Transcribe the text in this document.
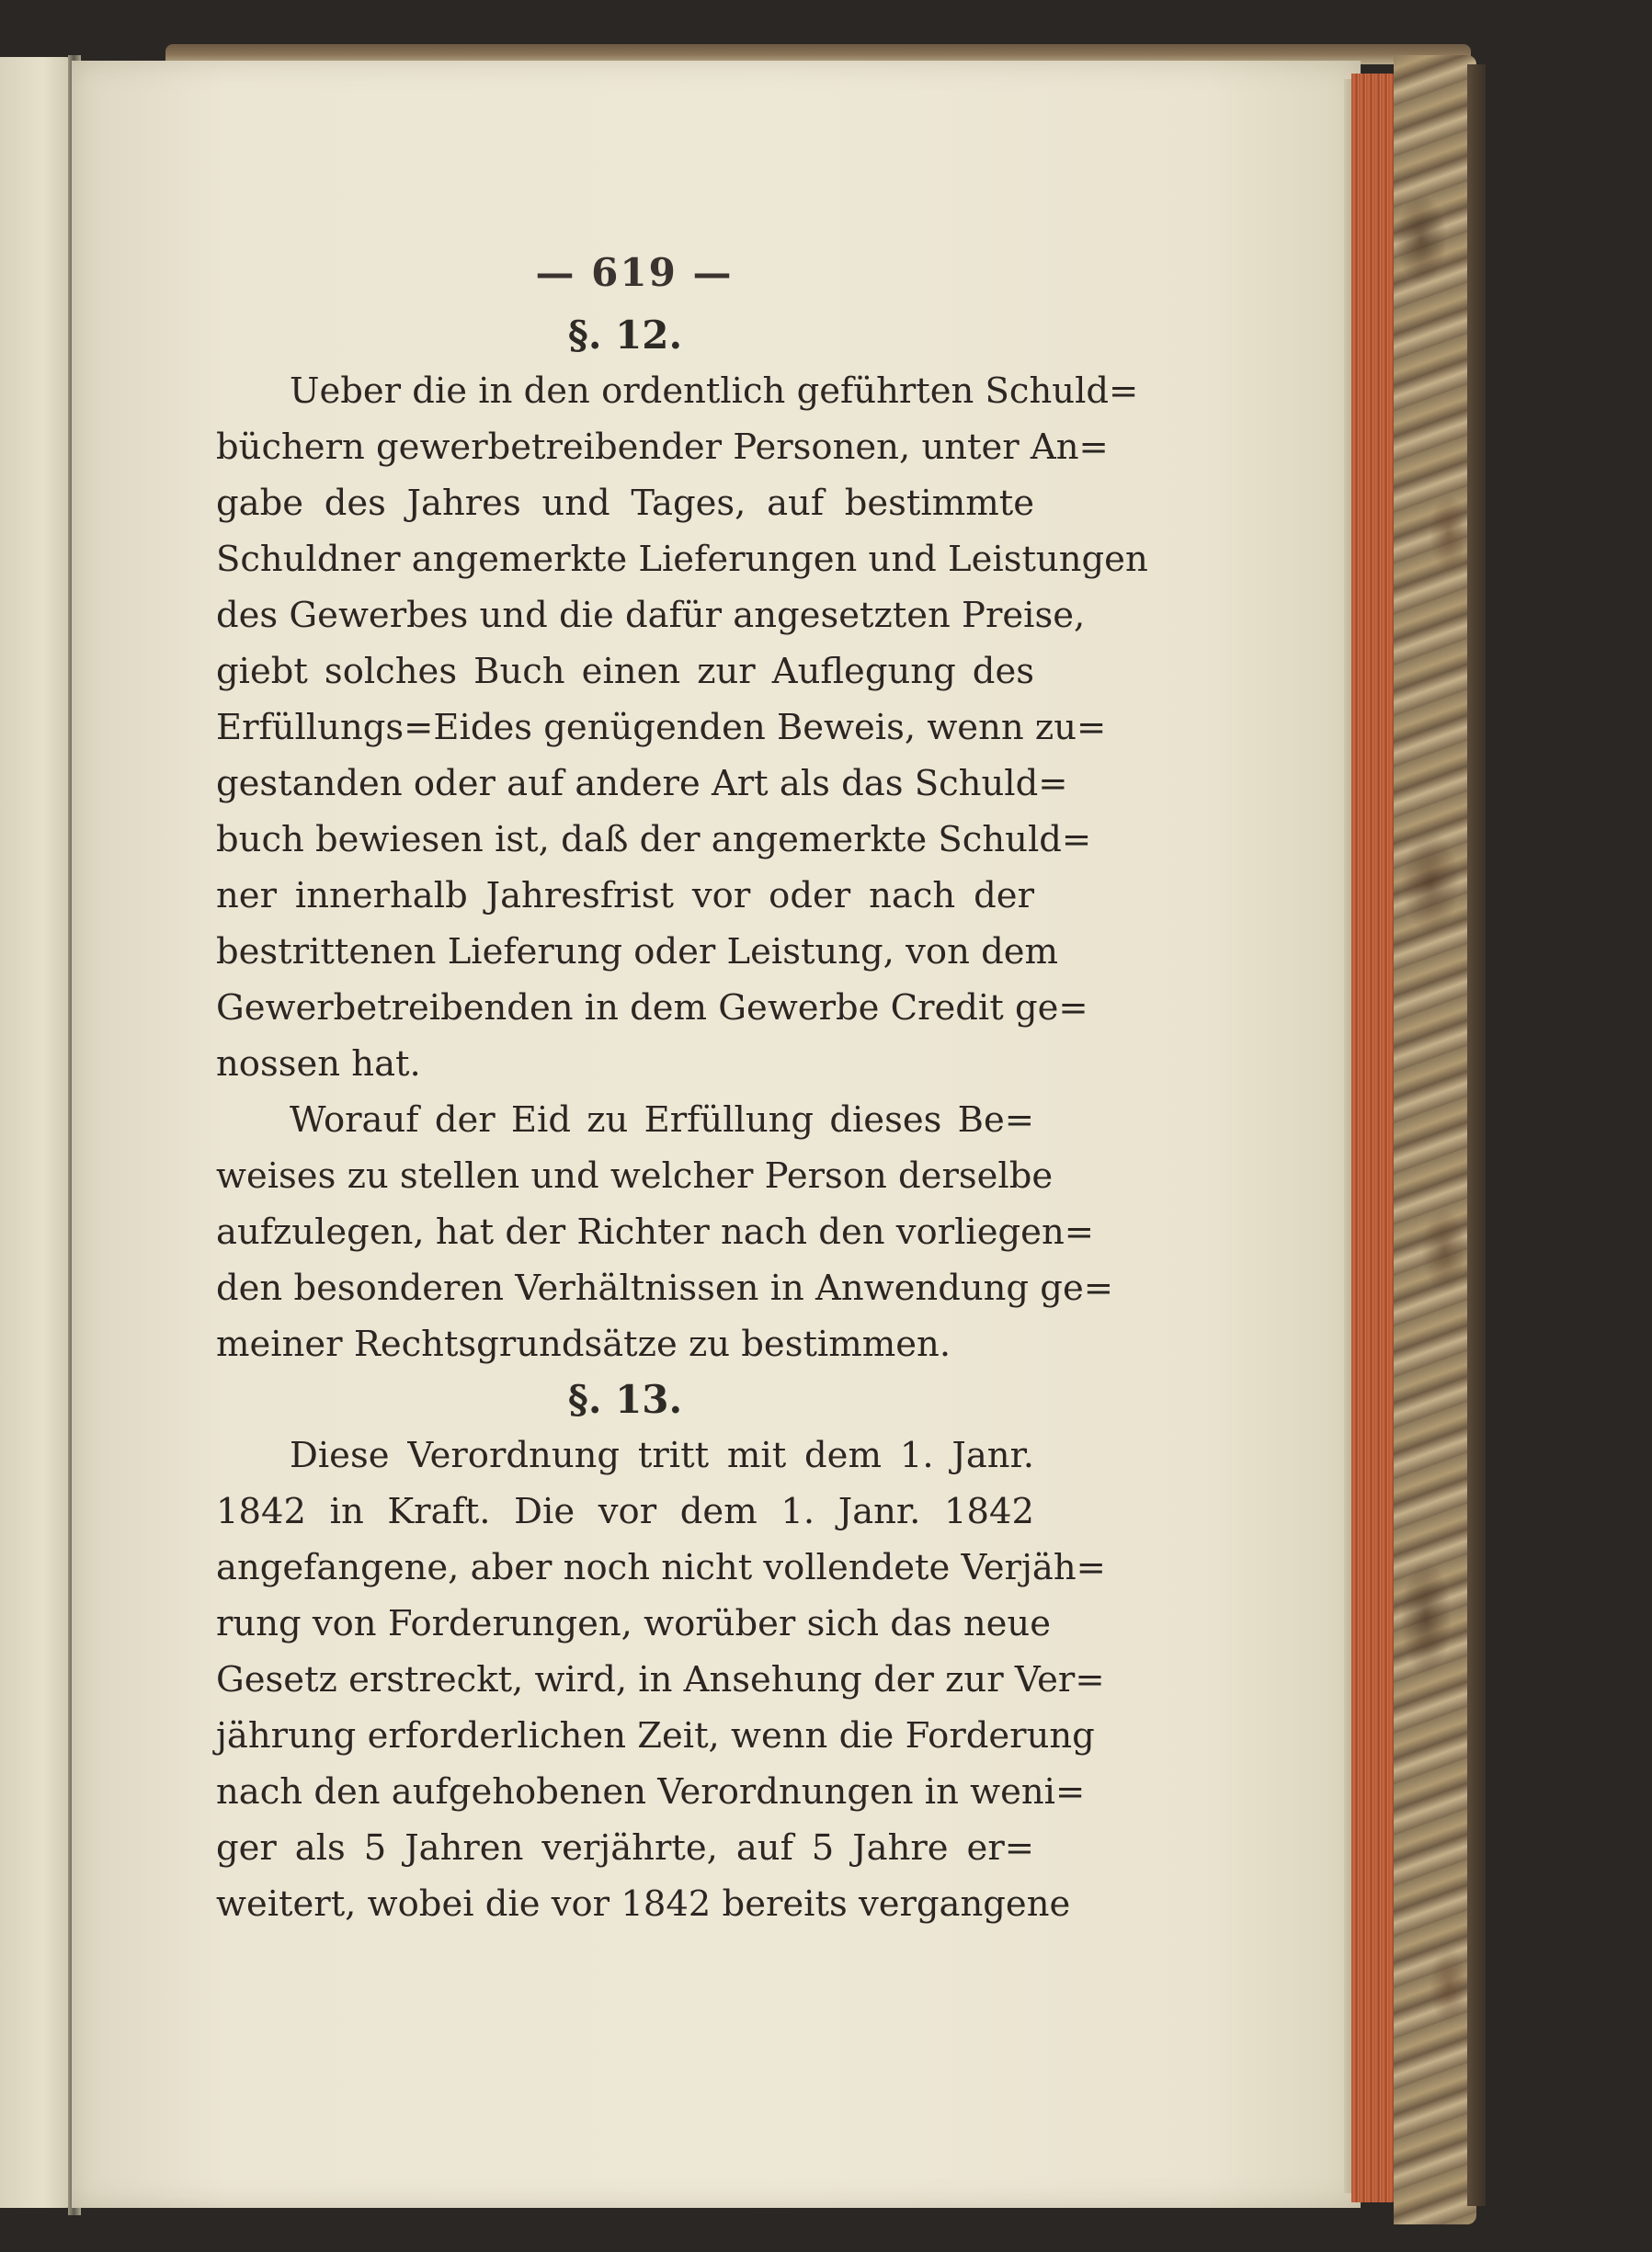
— 619 —
§. 12.
Ueber die in den ordentlich geführten Schuld=
büchern gewerbetreibender Personen, unter An=
gabe des Jahres und Tages, auf bestimmte
Schuldner angemerkte Lieferungen und Leistungen
des Gewerbes und die dafür angesetzten Preise,
giebt solches Buch einen zur Auflegung des
Erfüllungs=Eides genügenden Beweis, wenn zu=
gestanden oder auf andere Art als das Schuld=
buch bewiesen ist, daß der angemerkte Schuld=
ner innerhalb Jahresfrist vor oder nach der
bestrittenen Lieferung oder Leistung, von dem
Gewerbetreibenden in dem Gewerbe Credit ge=
nossen hat.
Worauf der Eid zu Erfüllung dieses Be=
weises zu stellen und welcher Person derselbe
aufzulegen, hat der Richter nach den vorliegen=
den besonderen Verhältnissen in Anwendung ge=
meiner Rechtsgrundsätze zu bestimmen.
§. 13.
Diese Verordnung tritt mit dem 1. Janr.
1842 in Kraft. Die vor dem 1. Janr. 1842
angefangene, aber noch nicht vollendete Verjäh=
rung von Forderungen, worüber sich das neue
Gesetz erstreckt, wird, in Ansehung der zur Ver=
jährung erforderlichen Zeit, wenn die Forderung
nach den aufgehobenen Verordnungen in weni=
ger als 5 Jahren verjährte, auf 5 Jahre er=
weitert, wobei die vor 1842 bereits vergangene
